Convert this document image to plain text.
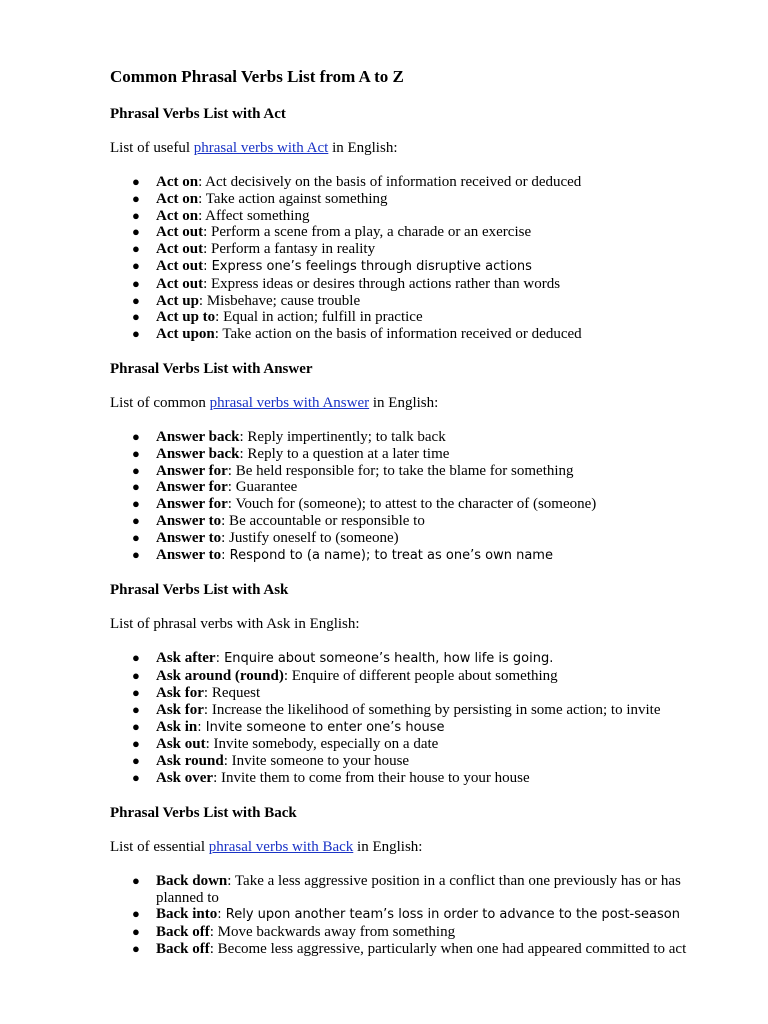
Common Phrasal Verbs List from A to Z
Phrasal Verbs List with Act
List of useful phrasal verbs with Act in English:
● Act on: Act decisively on the basis of information received or deduced
● Act on: Take action against something
● Act on: Affect something
● Act out: Perform a scene from a play, a charade or an exercise
● Act out: Perform a fantasy in reality
● Act out: Express one’s feelings through disruptive actions
● Act out: Express ideas or desires through actions rather than words
● Act up: Misbehave; cause trouble
● Act up to: Equal in action; fulfill in practice
● Act upon: Take action on the basis of information received or deduced
Phrasal Verbs List with Answer
List of common phrasal verbs with Answer in English:
● Answer back: Reply impertinently; to talk back
● Answer back: Reply to a question at a later time
● Answer for: Be held responsible for; to take the blame for something
● Answer for: Guarantee
● Answer for: Vouch for (someone); to attest to the character of (someone)
● Answer to: Be accountable or responsible to
● Answer to: Justify oneself to (someone)
● Answer to: Respond to (a name); to treat as one’s own name
Phrasal Verbs List with Ask
List of phrasal verbs with Ask in English:
● Ask after: Enquire about someone’s health, how life is going.
● Ask around (round): Enquire of different people about something
● Ask for: Request
● Ask for: Increase the likelihood of something by persisting in some action; to invite
● Ask in: Invite someone to enter one’s house
● Ask out: Invite somebody, especially on a date
● Ask round: Invite someone to your house
● Ask over: Invite them to come from their house to your house
Phrasal Verbs List with Back
List of essential phrasal verbs with Back in English:
● Back down: Take a less aggressive position in a conflict than one previously has or has planned to
● Back into: Rely upon another team’s loss in order to advance to the post-season
● Back off: Move backwards away from something
● Back off: Become less aggressive, particularly when one had appeared committed to act
